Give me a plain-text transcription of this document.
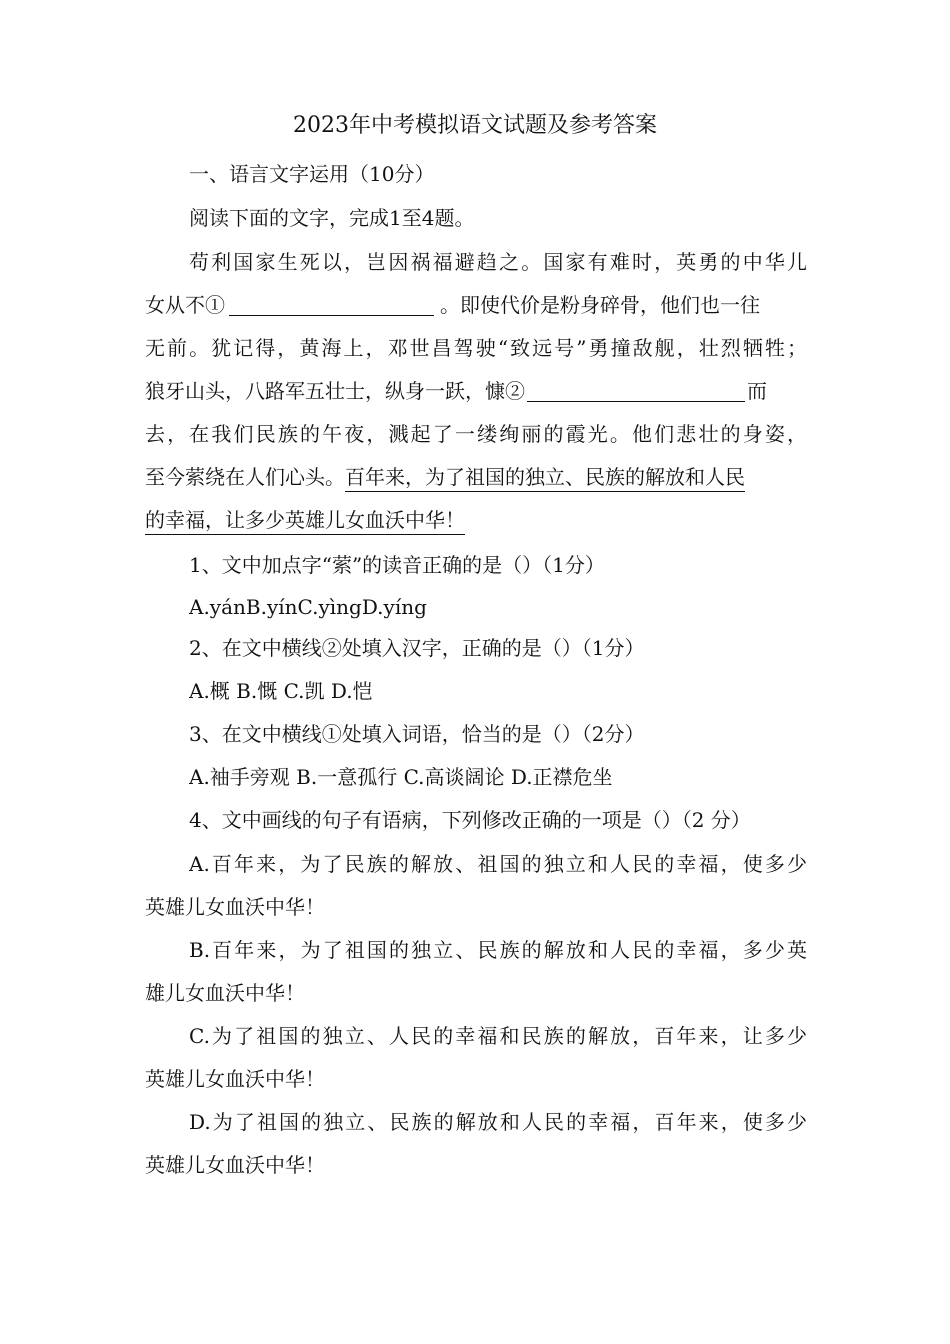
2023年中考模拟语文试题及参考答案
一、语言文字运用（10分）
阅读下面的文字，完成1至4题。
苟利国家生死以，岂因祸福避趋之。国家有难时，英勇的中华儿
女从不①	。即使代价是粉身碎骨，他们也一往
无前。犹记得，黄海上，邓世昌驾驶“致远号”勇撞敌舰，壮烈牺牲；
狼牙山头，八路军五壮士，纵身一跃，慷②	而
去，在我们民族的午夜，溅起了一缕绚丽的霞光。他们悲壮的身姿，
至今萦绕在人们心头。百年来，为了祖国的独立、民族的解放和人民
的幸福，让多少英雄儿女血沃中华！
1、文中加点字“萦”的读音正确的是（）（1分）
A.yánB.yínC.yìngD.yíng
2、在文中横线②处填入汉字，正确的是（）（1分）
A.概 B.慨 C.凯 D.恺
3、在文中横线①处填入词语，恰当的是（）（2分）
A.袖手旁观 B.一意孤行 C.高谈阔论 D.正襟危坐
4、文中画线的句子有语病，下列修改正确的一项是（）（2 分）
A.百年来，为了民族的解放、祖国的独立和人民的幸福，使多少
英雄儿女血沃中华！
B.百年来，为了祖国的独立、民族的解放和人民的幸福，多少英
雄儿女血沃中华！
C.为了祖国的独立、人民的幸福和民族的解放，百年来，让多少
英雄儿女血沃中华！
D.为了祖国的独立、民族的解放和人民的幸福，百年来，使多少
英雄儿女血沃中华！
